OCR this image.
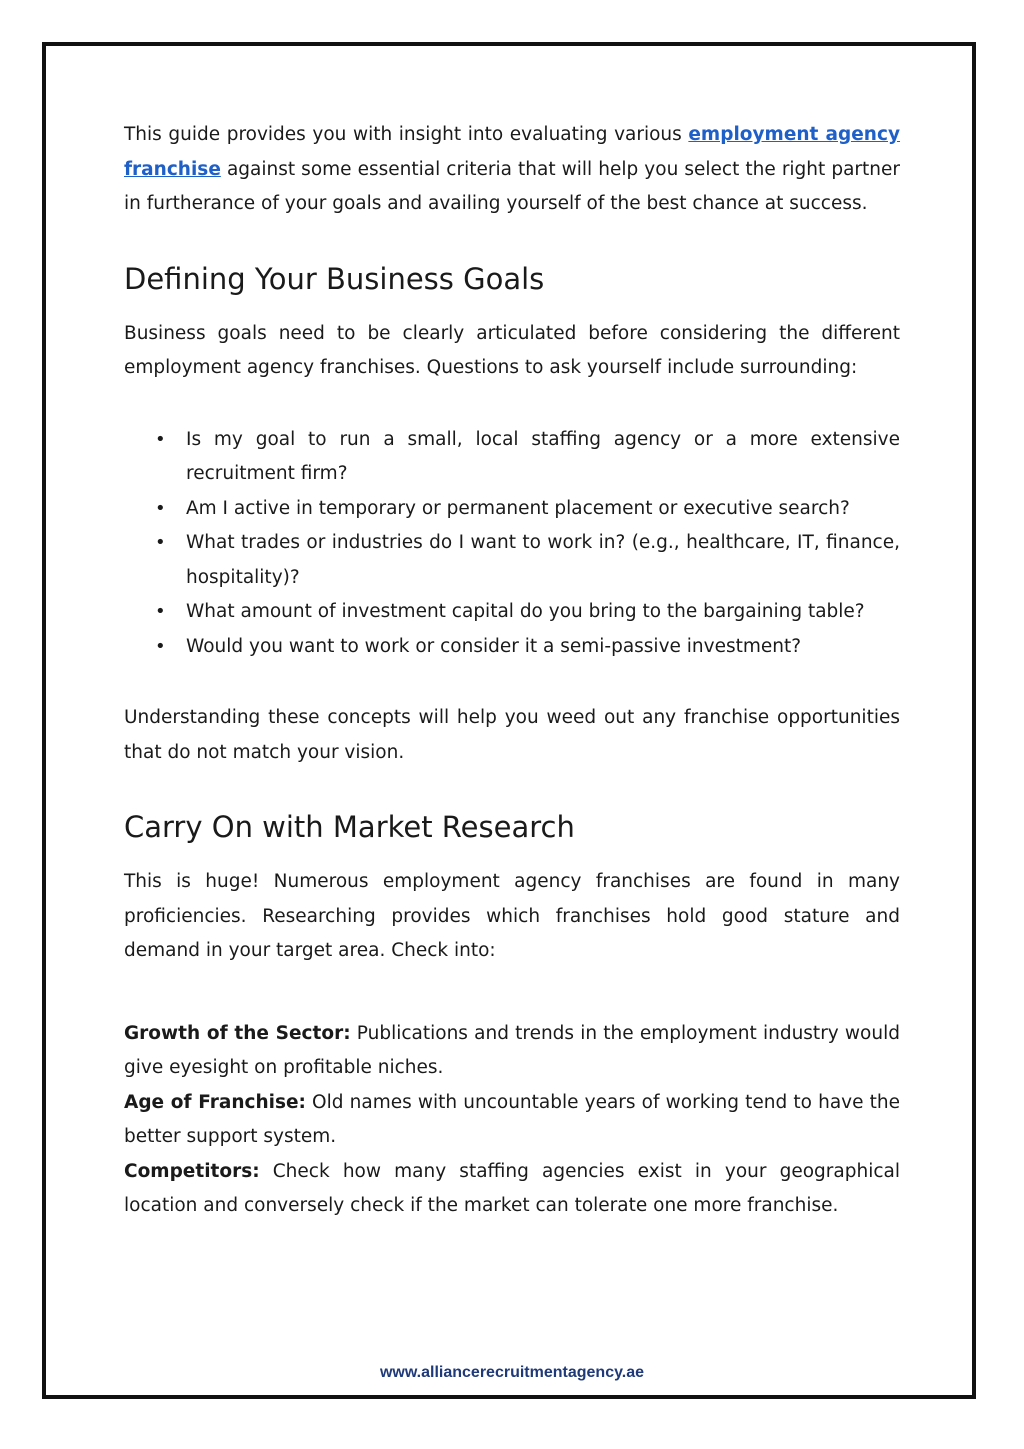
This guide provides you with insight into evaluating various employment agency franchise against some essential criteria that will help you select the right partner in furtherance of your goals and availing yourself of the best chance at success.

Defining Your Business Goals

Business goals need to be clearly articulated before considering the different employment agency franchises. Questions to ask yourself include surrounding:

• Is my goal to run a small, local staffing agency or a more extensive recruitment firm?
• Am I active in temporary or permanent placement or executive search?
• What trades or industries do I want to work in? (e.g., healthcare, IT, finance, hospitality)?
• What amount of investment capital do you bring to the bargaining table?
• Would you want to work or consider it a semi-passive investment?

Understanding these concepts will help you weed out any franchise opportunities that do not match your vision.

Carry On with Market Research

This is huge! Numerous employment agency franchises are found in many proficiencies. Researching provides which franchises hold good stature and demand in your target area. Check into:

Growth of the Sector: Publications and trends in the employment industry would give eyesight on profitable niches.

Age of Franchise: Old names with uncountable years of working tend to have the better support system.

Competitors: Check how many staffing agencies exist in your geographical location and conversely check if the market can tolerate one more franchise.

www.alliancerecruitmentagency.ae
